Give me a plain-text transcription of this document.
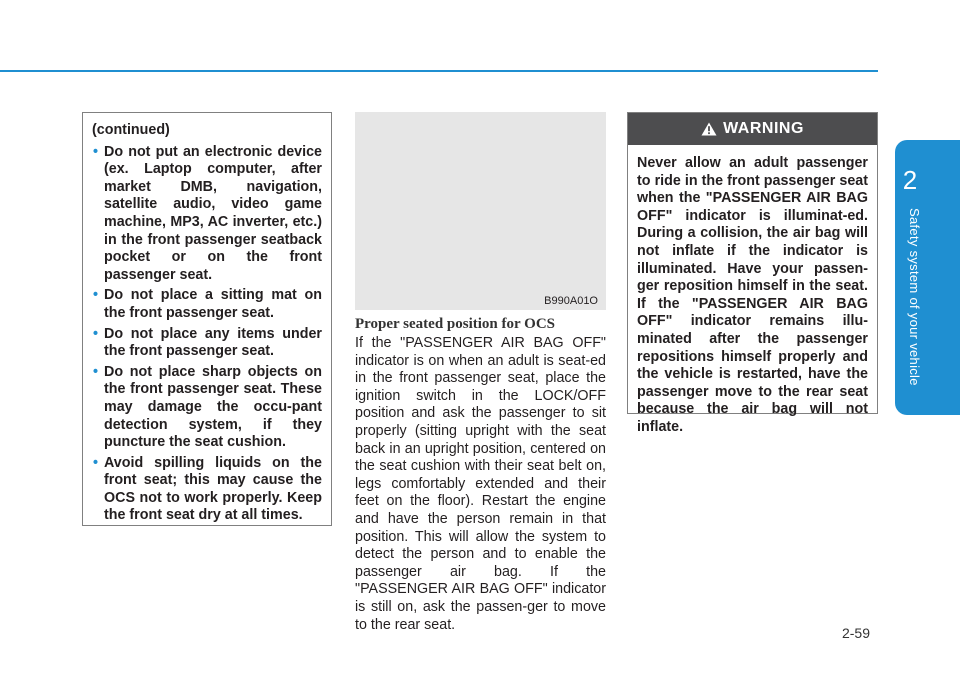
2
Safety system of your vehicle
(continued)
• Do not put an electronic device (ex. Laptop computer, after market DMB, navigation, satellite audio, video game machine, MP3, AC inverter, etc.) in the front passenger seatback pocket or on the front passenger seat.
• Do not place a sitting mat on the front passenger seat.
• Do not place any items under the front passenger seat.
• Do not place sharp objects on the front passenger seat. These may damage the occu-pant detection system, if they puncture the seat cushion.
• Avoid spilling liquids on the front seat; this may cause the OCS not to work properly. Keep the front seat dry at all times.
B990A01O
Proper seated position for OCS
If the "PASSENGER AIR BAG OFF" indicator is on when an adult is seat-ed in the front passenger seat, place the ignition switch in the LOCK/OFF position and ask the passenger to sit properly (sitting upright with the seat back in an upright position, centered on the seat cushion with their seat belt on, legs comfortably extended and their feet on the floor). Restart the engine and have the person remain in that position. This will allow the system to detect the person and to enable the passenger air bag. If the "PASSENGER AIR BAG OFF" indicator is still on, ask the passen-ger to move to the rear seat.
WARNING
Never allow an adult passenger to ride in the front passenger seat when the "PASSENGER AIR BAG OFF" indicator is illuminat-ed. During a collision, the air bag will not inflate if the indicator is illuminated. Have your passen-ger reposition himself in the seat. If the "PASSENGER AIR BAG OFF" indicator remains illu-minated after the passenger repositions himself properly and the vehicle is restarted, have the passenger move to the rear seat because the air bag will not inflate.
2-59
